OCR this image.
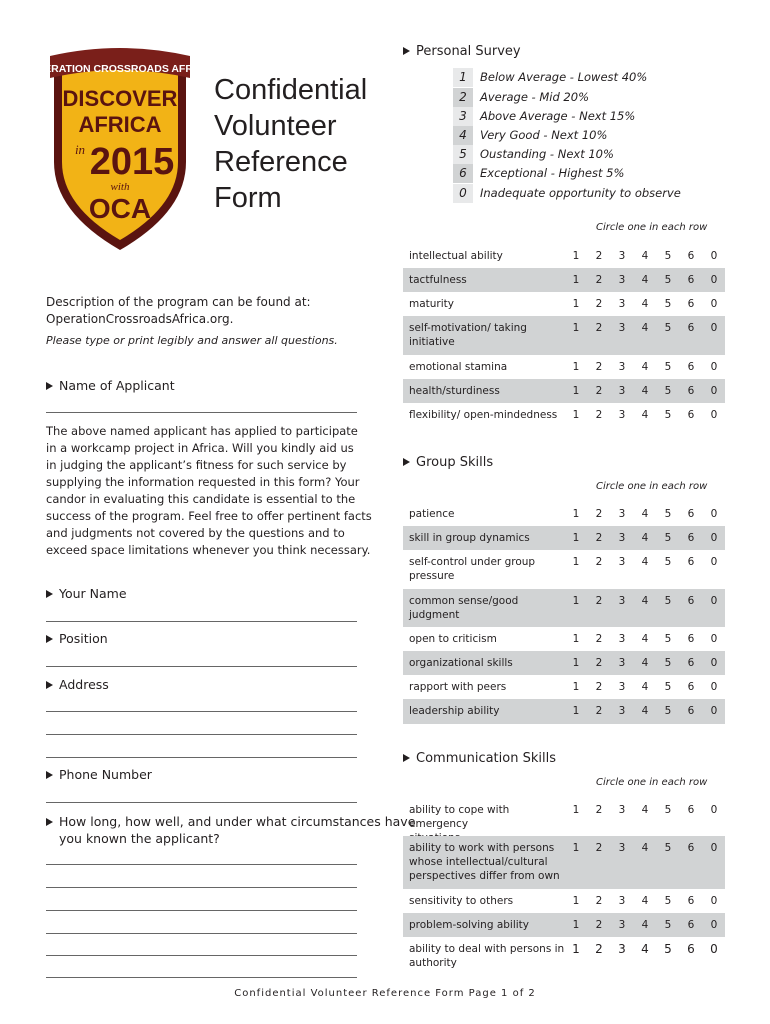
OPERATION CROSSROADS AFRICA
DISCOVER
AFRICA
in 2015
with
OCA
Confidential
Volunteer
Reference
Form
Description of the program can be found at:
OperationCrossroadsAfrica.org.
Please type or print legibly and answer all questions.
Name of Applicant
The above named applicant has applied to participate
in a workcamp project in Africa. Will you kindly aid us
in judging the applicant’s fitness for such service by
supplying the information requested in this form? Your
candor in evaluating this candidate is essential to the
success of the program. Feel free to offer pertinent facts
and judgments not covered by the questions and to
exceed space limitations whenever you think necessary.
Your Name
Position
Address
Phone Number
How long, how well, and under what circumstances have
you known the applicant?
Personal Survey
1	Below Average - Lowest 40%
2	Average - Mid 20%
3	Above Average - Next 15%
4	Very Good - Next 10%
5	Oustanding - Next 10%
6	Exceptional - Highest 5%
0	Inadequate opportunity to observe
Circle one in each row
intellectual ability	1 2 3 4 5 6 0
tactfulness	1 2 3 4 5 6 0
maturity	1 2 3 4 5 6 0
self-motivation/ taking
initiative
1 2 3 4 5 6 0
emotional stamina	1 2 3 4 5 6 0
health/sturdiness	1 2 3 4 5 6 0
flexibility/ open-mindedness 1 2 3 4 5 6 0
Group Skills
Circle one in each row
patience	1 2 3 4 5 6 0
skill in group dynamics	1 2 3 4 5 6 0
self-control under group
pressure
1 2 3 4 5 6 0
common sense/good
judgment
1 2 3 4 5 6 0
open to criticism	1 2 3 4 5 6 0
organizational skills	1 2 3 4 5 6 0
rapport with peers	1 2 3 4 5 6 0
leadership ability	1 2 3 4 5 6 0
Communication Skills
Circle one in each row
ability to cope with emergency
1 2 3 4 5 6 0
ability to work with persons
whose intellectual/cultural
perspectives differ from own
1 2 3 4 5 6 0
sensitivity to others	1 2 3 4 5 6 0
problem-solving ability	1 2 3 4 5 6 0
ability to deal with persons in
authority
1 2 3 4 5 6 0
Confidential Volunteer Reference Form Page 1 of 2
